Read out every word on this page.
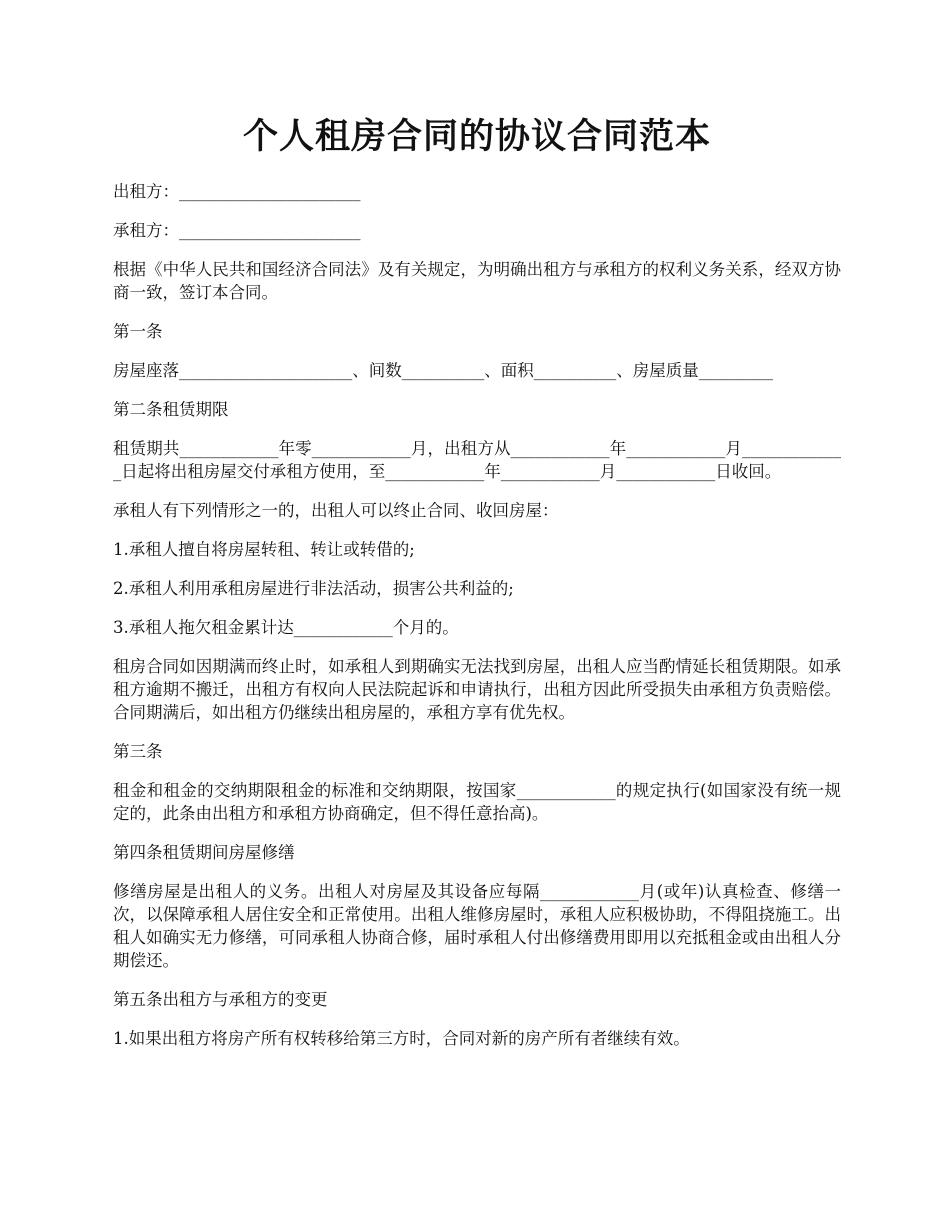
个人租房合同的协议合同范本

出租方：______________________

承租方：______________________

根据《中华人民共和国经济合同法》及有关规定，为明确出租方与承租方的权利义务关系，经双方协商一致，签订本合同。

第一条

房屋座落_____________________、间数__________、面积__________、房屋质量_________

第二条租赁期限

租赁期共____________年零____________月，出租方从____________年____________月_____________日起将出租房屋交付承租方使用，至____________年____________月____________日收回。

承租人有下列情形之一的，出租人可以终止合同、收回房屋：

1.承租人擅自将房屋转租、转让或转借的;

2.承租人利用承租房屋进行非法活动，损害公共利益的;

3.承租人拖欠租金累计达____________个月的。

租房合同如因期满而终止时，如承租人到期确实无法找到房屋，出租人应当酌情延长租赁期限。如承租方逾期不搬迁，出租方有权向人民法院起诉和申请执行，出租方因此所受损失由承租方负责赔偿。合同期满后，如出租方仍继续出租房屋的，承租方享有优先权。

第三条

租金和租金的交纳期限租金的标准和交纳期限，按国家____________的规定执行(如国家没有统一规定的，此条由出租方和承租方协商确定，但不得任意抬高)。

第四条租赁期间房屋修缮

修缮房屋是出租人的义务。出租人对房屋及其设备应每隔____________月(或年)认真检查、修缮一次，以保障承租人居住安全和正常使用。出租人维修房屋时，承租人应积极协助，不得阻挠施工。出租人如确实无力修缮，可同承租人协商合修，届时承租人付出修缮费用即用以充抵租金或由出租人分期偿还。

第五条出租方与承租方的变更

1.如果出租方将房产所有权转移给第三方时，合同对新的房产所有者继续有效。
